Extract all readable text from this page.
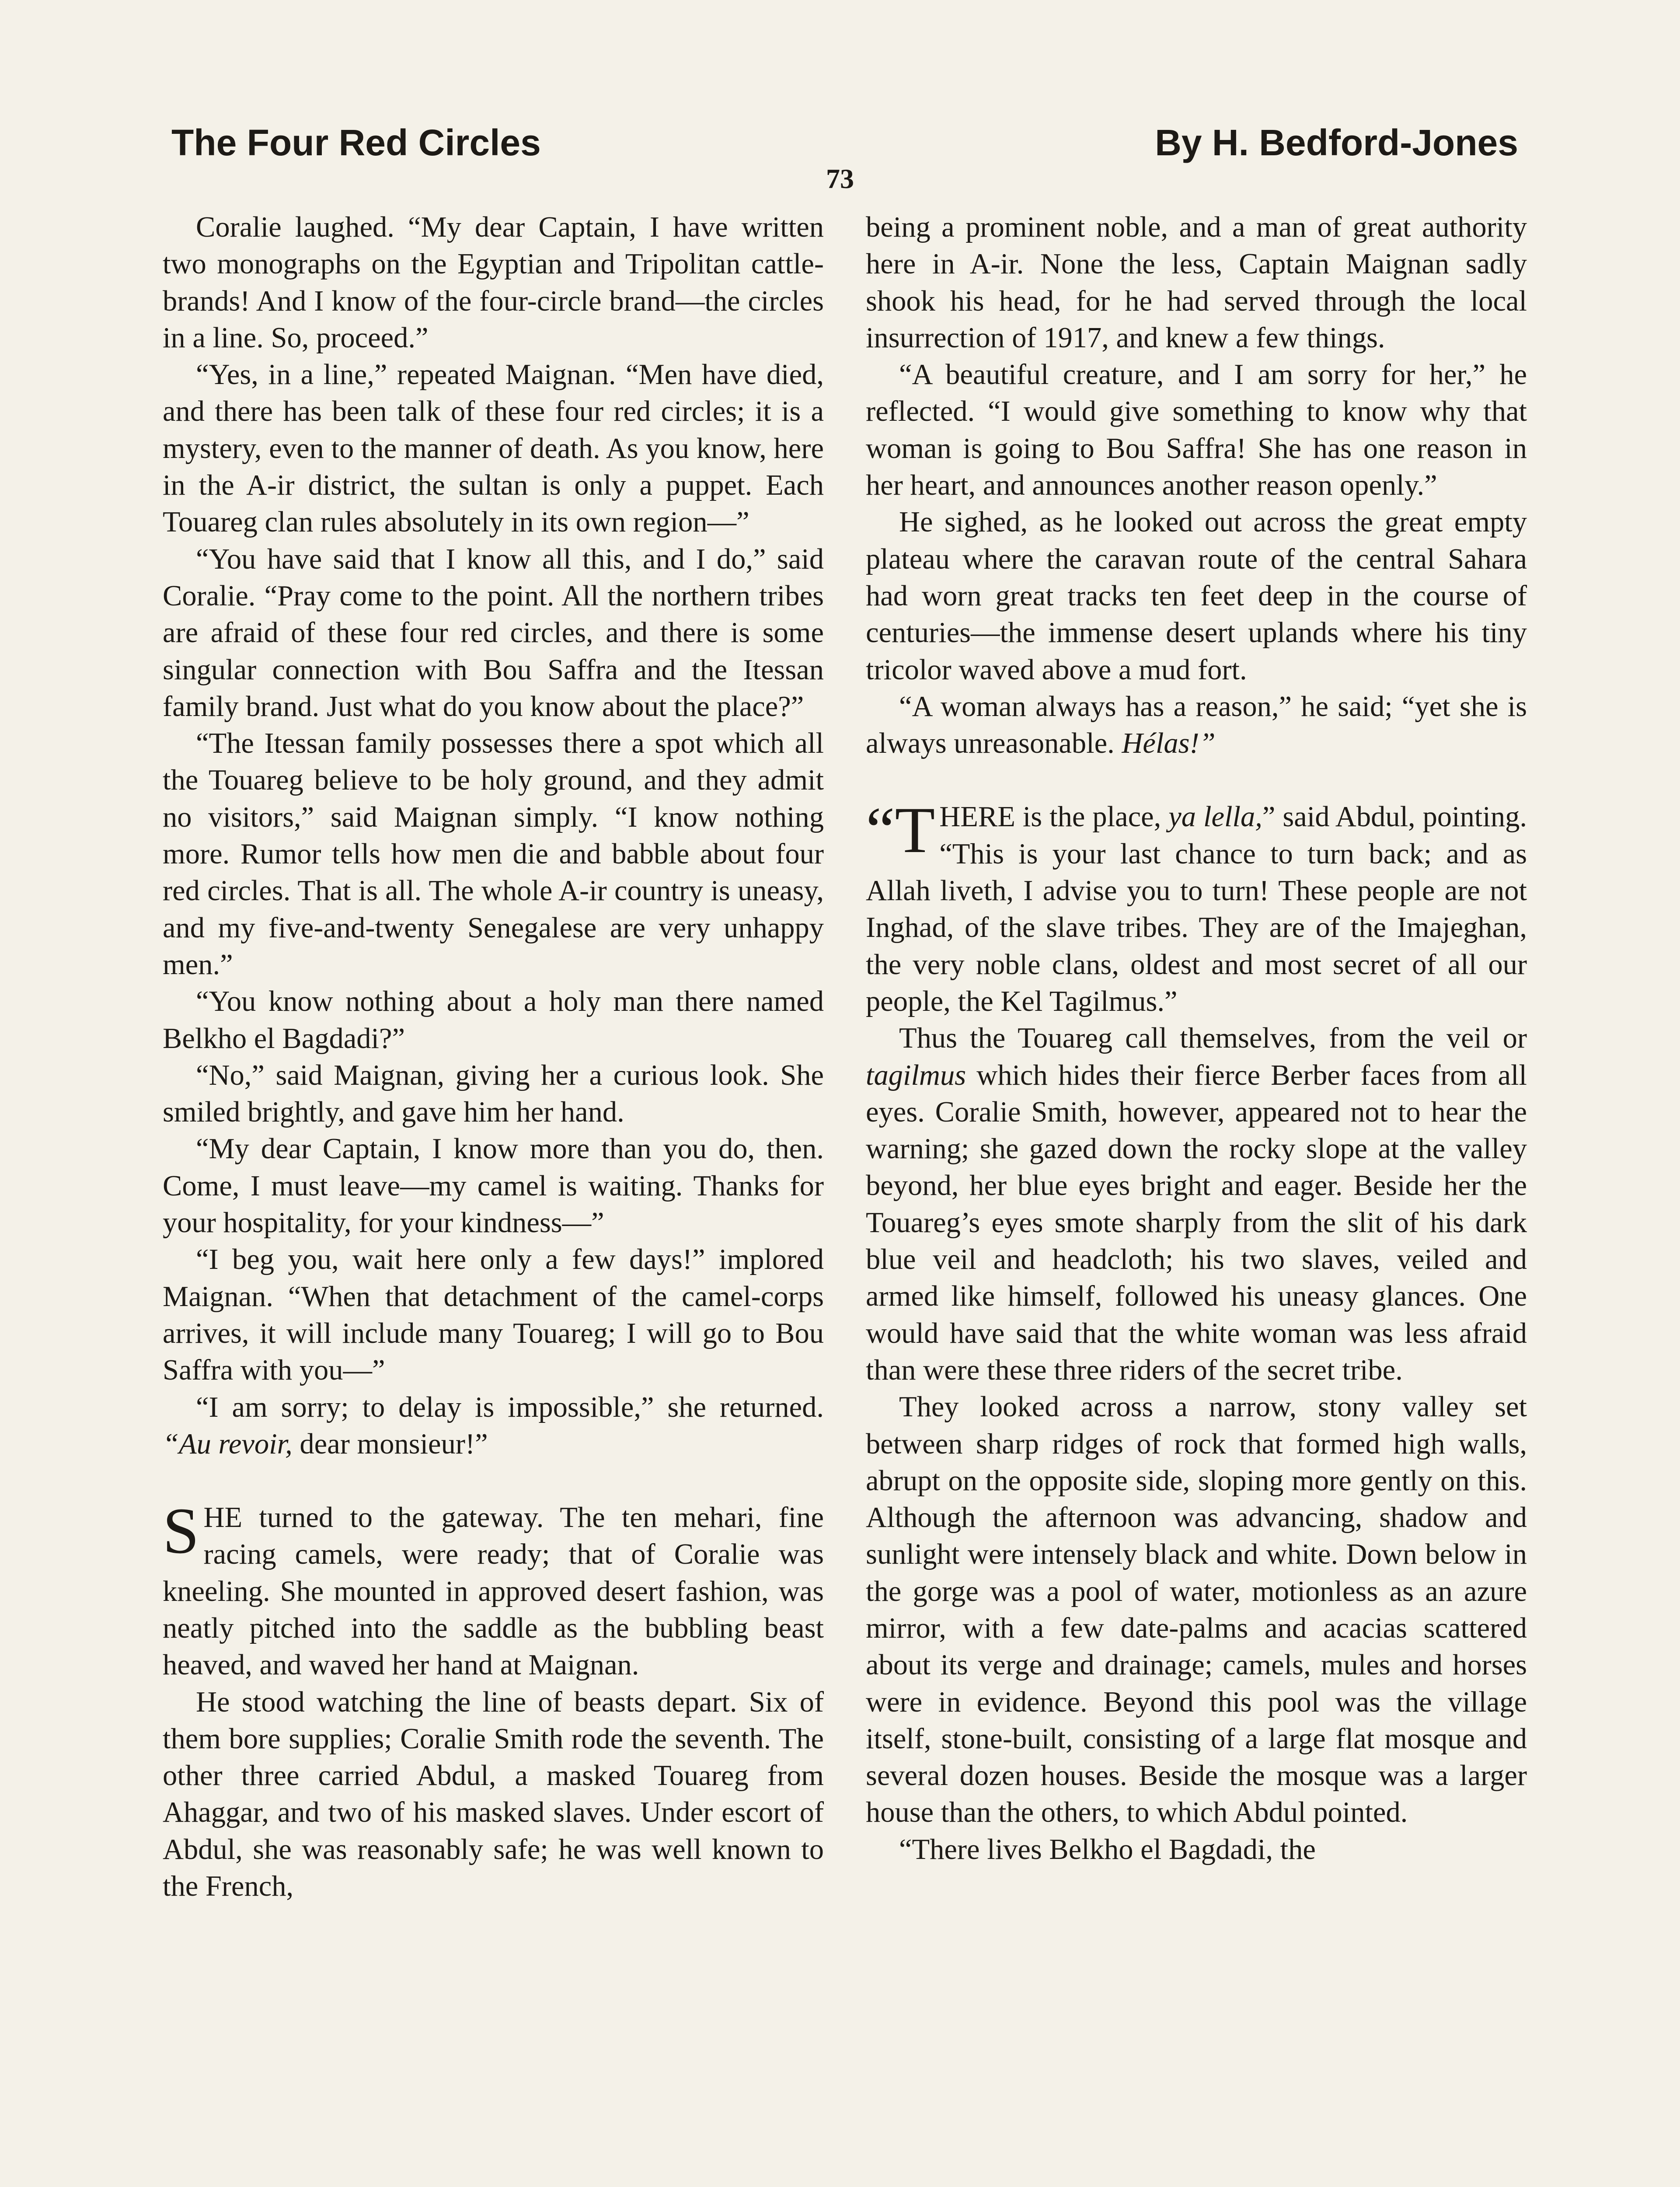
The Four Red Circles	By H. Bedford-Jones
73

Coralie laughed. “My dear Captain, I have written two monographs on the Egyptian and Tripolitan cattle-brands! And I know of the four-circle brand—the circles in a line. So, proceed.”

“Yes, in a line,” repeated Maignan. “Men have died, and there has been talk of these four red circles; it is a mystery, even to the manner of death. As you know, here in the A-ir district, the sultan is only a puppet. Each Touareg clan rules absolutely in its own region—”

“You have said that I know all this, and I do,” said Coralie. “Pray come to the point. All the northern tribes are afraid of these four red circles, and there is some singular connection with Bou Saffra and the Itessan family brand. Just what do you know about the place?”

“The Itessan family possesses there a spot which all the Touareg believe to be holy ground, and they admit no visitors,” said Maignan simply. “I know nothing more. Rumor tells how men die and babble about four red circles. That is all. The whole A-ir country is uneasy, and my five-and-twenty Senegalese are very unhappy men.”

“You know nothing about a holy man there named Belkho el Bagdadi?”

“No,” said Maignan, giving her a curious look. She smiled brightly, and gave him her hand.

“My dear Captain, I know more than you do, then. Come, I must leave—my camel is waiting. Thanks for your hospitality, for your kindness—”

“I beg you, wait here only a few days!” implored Maignan. “When that detachment of the camel-corps arrives, it will include many Touareg; I will go to Bou Saffra with you—”

“I am sorry; to delay is impossible,” she returned. “Au revoir, dear monsieur!”

SHE turned to the gateway. The ten mehari, fine racing camels, were ready; that of Coralie was kneeling. She mounted in approved desert fashion, was neatly pitched into the saddle as the bubbling beast heaved, and waved her hand at Maignan.

He stood watching the line of beasts depart. Six of them bore supplies; Coralie Smith rode the seventh. The other three carried Abdul, a masked Touareg from Ahaggar, and two of his masked slaves. Under escort of Abdul, she was reasonably safe; he was well known to the French,

being a prominent noble, and a man of great authority here in A-ir. None the less, Captain Maignan sadly shook his head, for he had served through the local insurrection of 1917, and knew a few things.

“A beautiful creature, and I am sorry for her,” he reflected. “I would give something to know why that woman is going to Bou Saffra! She has one reason in her heart, and announces another reason openly.”

He sighed, as he looked out across the great empty plateau where the caravan route of the central Sahara had worn great tracks ten feet deep in the course of centuries—the immense desert uplands where his tiny tricolor waved above a mud fort.

“A woman always has a reason,” he said; “yet she is always unreasonable. Hélas!”

“THERE is the place, ya lella,” said Abdul, pointing. “This is your last chance to turn back; and as Allah liveth, I advise you to turn! These people are not Inghad, of the slave tribes. They are of the Imajeghan, the very noble clans, oldest and most secret of all our people, the Kel Tagilmus.”

Thus the Touareg call themselves, from the veil or tagilmus which hides their fierce Berber faces from all eyes. Coralie Smith, however, appeared not to hear the warning; she gazed down the rocky slope at the valley beyond, her blue eyes bright and eager. Beside her the Touareg’s eyes smote sharply from the slit of his dark blue veil and headcloth; his two slaves, veiled and armed like himself, followed his uneasy glances. One would have said that the white woman was less afraid than were these three riders of the secret tribe.

They looked across a narrow, stony valley set between sharp ridges of rock that formed high walls, abrupt on the opposite side, sloping more gently on this. Although the afternoon was advancing, shadow and sunlight were intensely black and white. Down below in the gorge was a pool of water, motionless as an azure mirror, with a few date-palms and acacias scattered about its verge and drainage; camels, mules and horses were in evidence. Beyond this pool was the village itself, stone-built, consisting of a large flat mosque and several dozen houses. Beside the mosque was a larger house than the others, to which Abdul pointed.

“There lives Belkho el Bagdadi, the
